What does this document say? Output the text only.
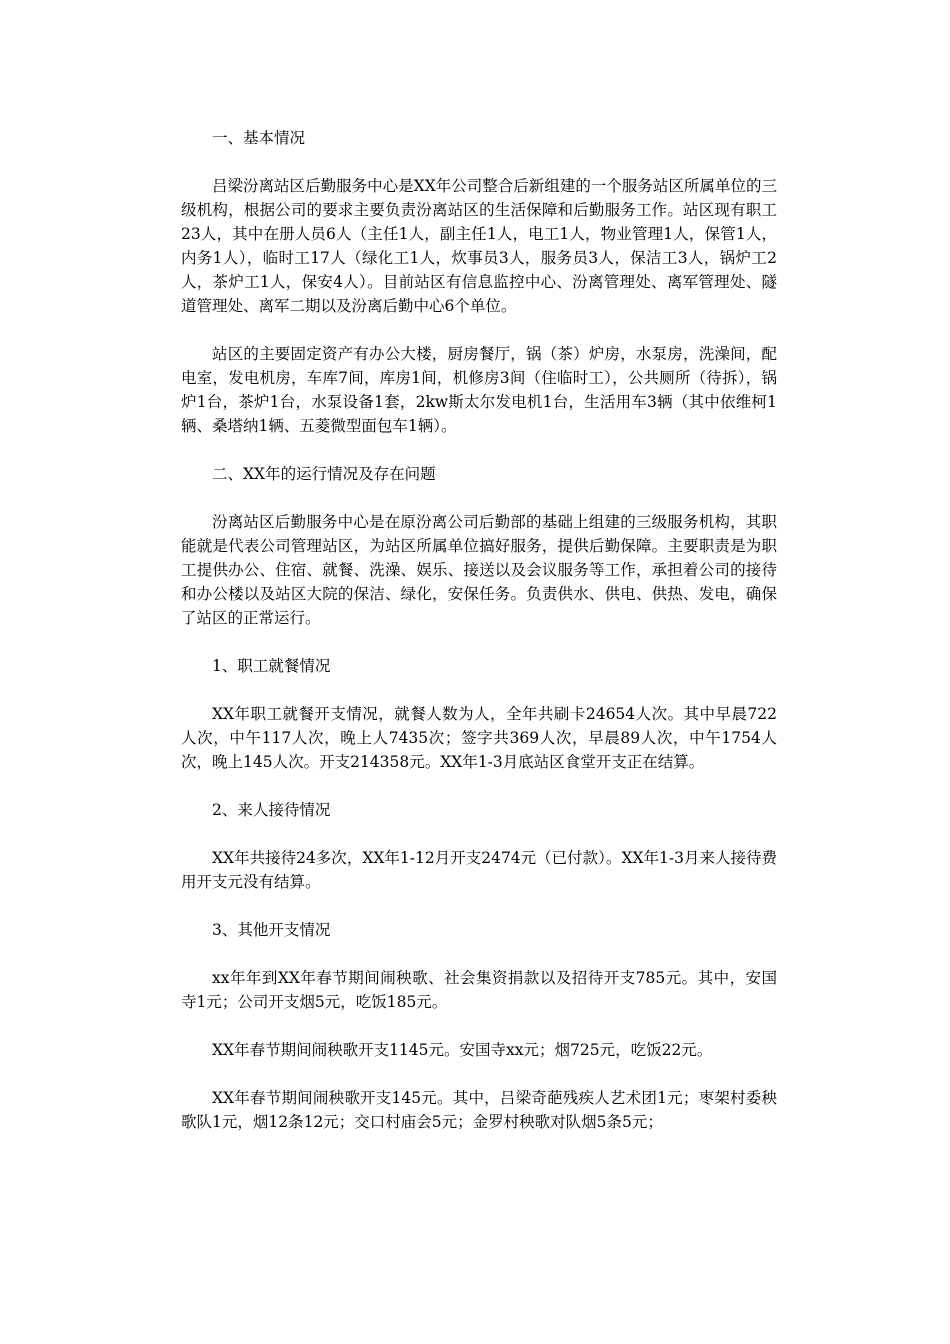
一、基本情况

吕梁汾离站区后勤服务中心是XX年公司整合后新组建的一个服务站区所属单位的三级机构，根据公司的要求主要负责汾离站区的生活保障和后勤服务工作。站区现有职工23人，其中在册人员6人（主任1人，副主任1人，电工1人，物业管理1人，保管1人，内务1人），临时工17人（绿化工1人，炊事员3人，服务员3人，保洁工3人，锅炉工2人，茶炉工1人，保安4人）。目前站区有信息监控中心、汾离管理处、离军管理处、隧道管理处、离军二期以及汾离后勤中心6个单位。

站区的主要固定资产有办公大楼，厨房餐厅，锅（茶）炉房，水泵房，洗澡间，配电室，发电机房，车库7间，库房1间，机修房3间（住临时工），公共厕所（待拆），锅炉1台，茶炉1台，水泵设备1套，2kw斯太尔发电机1台，生活用车3辆（其中依维柯1辆、桑塔纳1辆、五菱微型面包车1辆）。

二、XX年的运行情况及存在问题

汾离站区后勤服务中心是在原汾离公司后勤部的基础上组建的三级服务机构，其职能就是代表公司管理站区，为站区所属单位搞好服务，提供后勤保障。主要职责是为职工提供办公、住宿、就餐、洗澡、娱乐、接送以及会议服务等工作，承担着公司的接待和办公楼以及站区大院的保洁、绿化，安保任务。负责供水、供电、供热、发电，确保了站区的正常运行。

1、职工就餐情况

XX年职工就餐开支情况，就餐人数为人，全年共刷卡24654人次。其中早晨722人次，中午117人次，晚上人7435次；签字共369人次，早晨89人次，中午1754人次，晚上145人次。开支214358元。XX年1-3月底站区食堂开支正在结算。

2、来人接待情况

XX年共接待24多次，XX年1-12月开支2474元（已付款）。XX年1-3月来人接待费用开支元没有结算。

3、其他开支情况

xx年年到XX年春节期间闹秧歌、社会集资捐款以及招待开支785元。其中，安国寺1元；公司开支烟5元，吃饭185元。

XX年春节期间闹秧歌开支1145元。安国寺xx元；烟725元，吃饭22元。

XX年春节期间闹秧歌开支145元。其中，吕梁奇葩残疾人艺术团1元；枣架村委秧歌队1元，烟12条12元；交口村庙会5元；金罗村秧歌对队烟5条5元；
